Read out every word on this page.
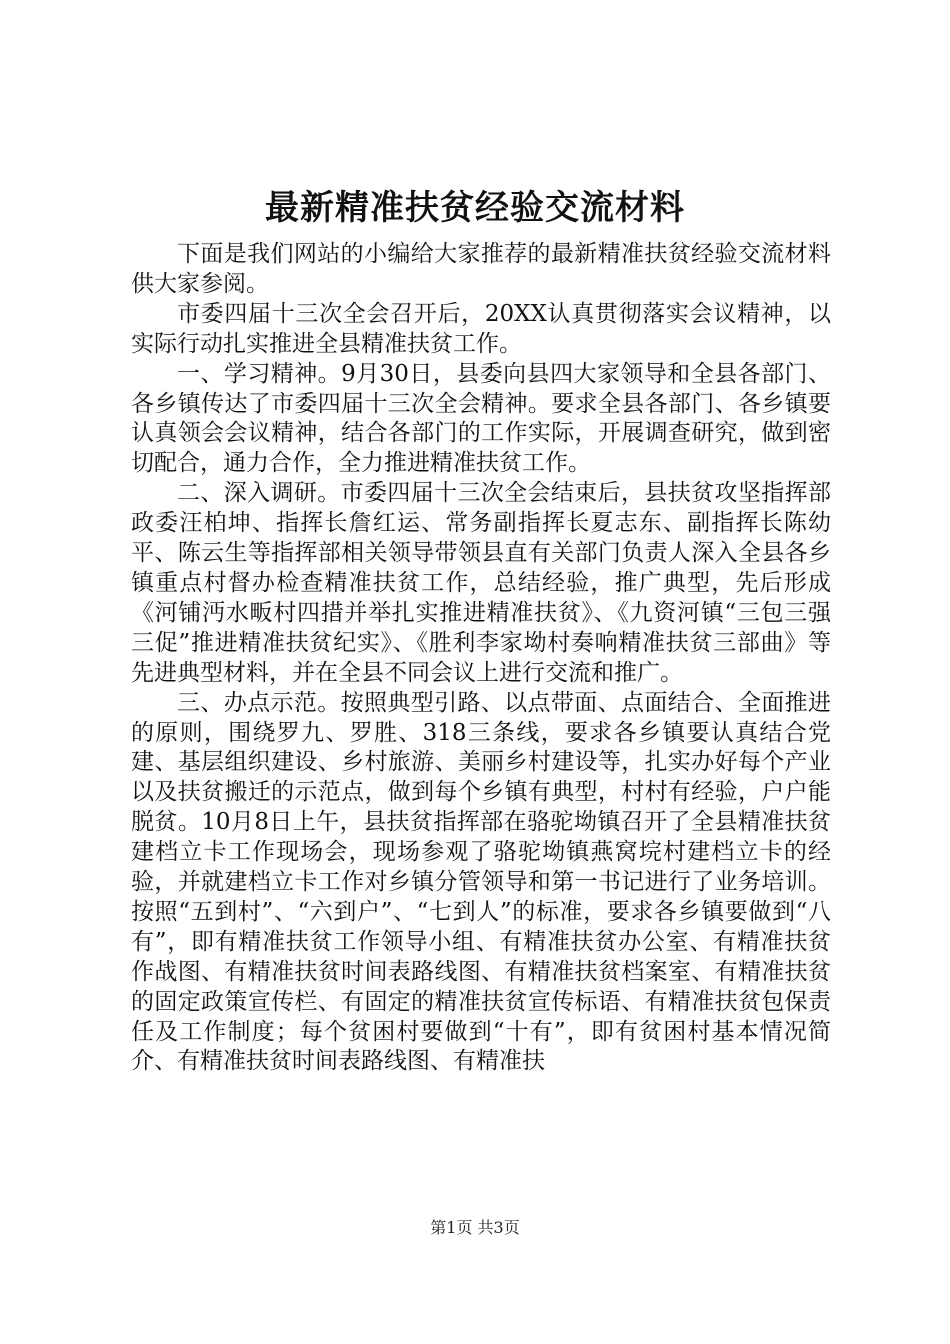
最新精准扶贫经验交流材料

下面是我们网站的小编给大家推荐的最新精准扶贫经验交流材料供大家参阅。

市委四届十三次全会召开后，20XX认真贯彻落实会议精神，以实际行动扎实推进全县精准扶贫工作。

一、学习精神。9月30日，县委向县四大家领导和全县各部门、各乡镇传达了市委四届十三次全会精神。要求全县各部门、各乡镇要认真领会会议精神，结合各部门的工作实际，开展调查研究，做到密切配合，通力合作，全力推进精准扶贫工作。

二、深入调研。市委四届十三次全会结束后，县扶贫攻坚指挥部政委汪柏坤、指挥长詹红运、常务副指挥长夏志东、副指挥长陈幼平、陈云生等指挥部相关领导带领县直有关部门负责人深入全县各乡镇重点村督办检查精准扶贫工作，总结经验，推广典型，先后形成《河铺沔水畈村四措并举扎实推进精准扶贫》、《九资河镇“三包三强三促”推进精准扶贫纪实》、《胜利李家坳村奏响精准扶贫三部曲》等先进典型材料，并在全县不同会议上进行交流和推广。

三、办点示范。按照典型引路、以点带面、点面结合、全面推进的原则，围绕罗九、罗胜、318三条线，要求各乡镇要认真结合党建、基层组织建设、乡村旅游、美丽乡村建设等，扎实办好每个产业以及扶贫搬迁的示范点，做到每个乡镇有典型，村村有经验，户户能脱贫。10月8日上午，县扶贫指挥部在骆驼坳镇召开了全县精准扶贫建档立卡工作现场会，现场参观了骆驼坳镇燕窝垸村建档立卡的经验，并就建档立卡工作对乡镇分管领导和第一书记进行了业务培训。按照“五到村”、“六到户”、“七到人”的标准，要求各乡镇要做到“八有”，即有精准扶贫工作领导小组、有精准扶贫办公室、有精准扶贫作战图、有精准扶贫时间表路线图、有精准扶贫档案室、有精准扶贫的固定政策宣传栏、有固定的精准扶贫宣传标语、有精准扶贫包保责任及工作制度；每个贫困村要做到“十有”，即有贫困村基本情况简介、有精准扶贫时间表路线图、有精准扶

第1页 共3页
